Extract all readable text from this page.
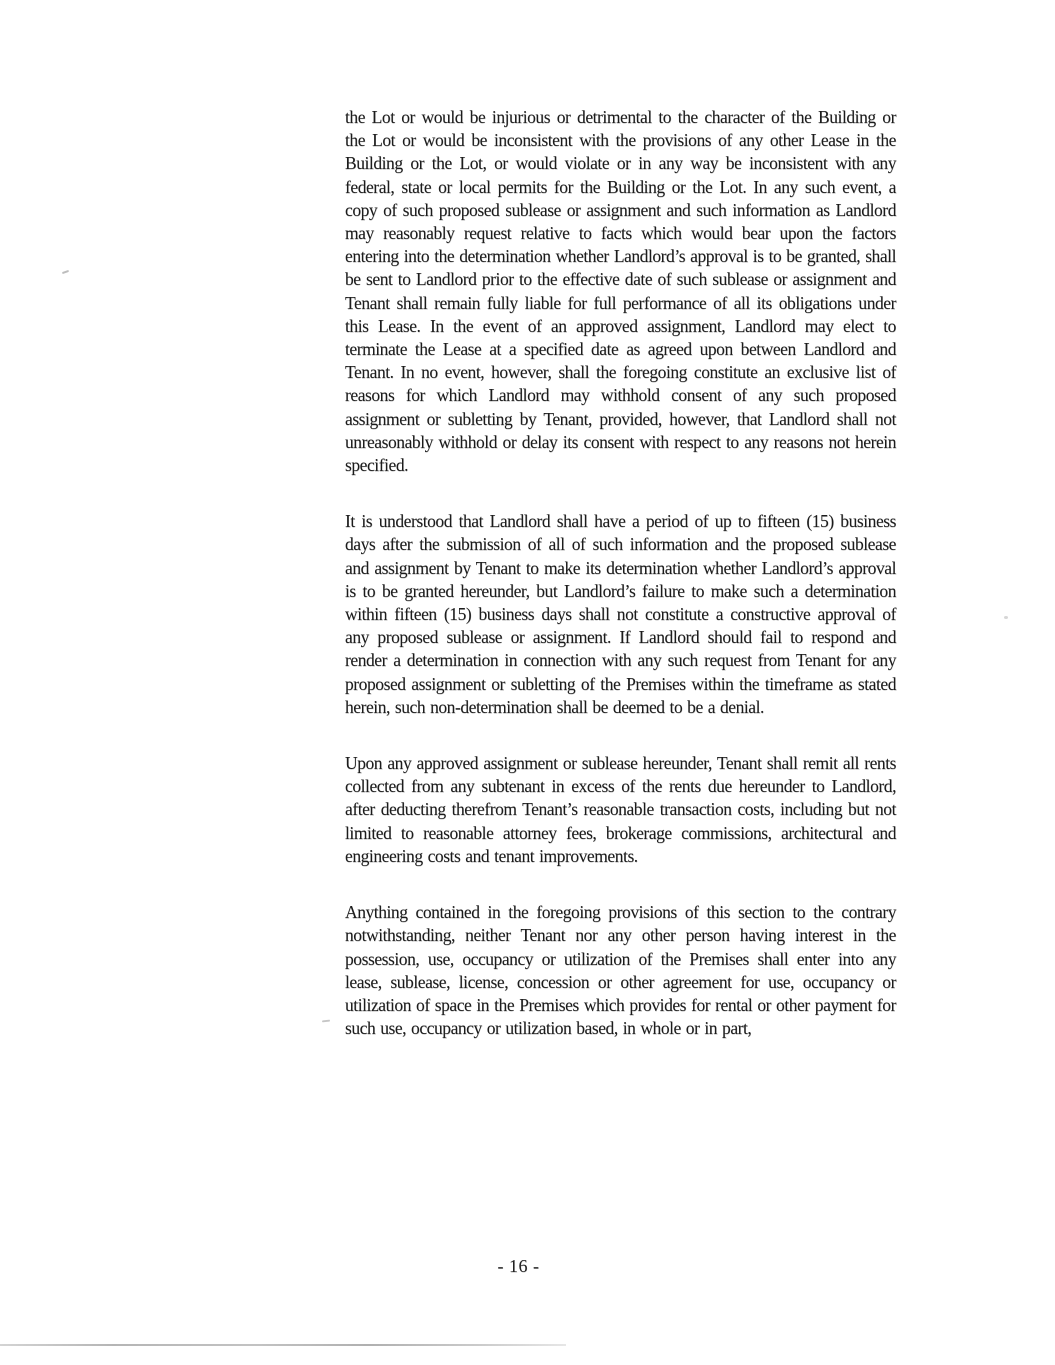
the Lot or would be injurious or detrimental to the character of the Building or the Lot or would be inconsistent with the provisions of any other Lease in the Building or the Lot, or would violate or in any way be inconsistent with any federal, state or local permits for the Building or the Lot. In any such event, a copy of such proposed sublease or assignment and such information as Landlord may reasonably request relative to facts which would bear upon the factors entering into the determination whether Landlord’s approval is to be granted, shall be sent to Landlord prior to the effective date of such sublease or assignment and Tenant shall remain fully liable for full performance of all its obligations under this Lease. In the event of an approved assignment, Landlord may elect to terminate the Lease at a specified date as agreed upon between Landlord and Tenant. In no event, however, shall the foregoing constitute an exclusive list of reasons for which Landlord may withhold consent of any such proposed assignment or subletting by Tenant, provided, however, that Landlord shall not unreasonably withhold or delay its consent with respect to any reasons not herein specified.

It is understood that Landlord shall have a period of up to fifteen (15) business days after the submission of all of such information and the proposed sublease and assignment by Tenant to make its determination whether Landlord’s approval is to be granted hereunder, but Landlord’s failure to make such a determination within fifteen (15) business days shall not constitute a constructive approval of any proposed sublease or assignment. If Landlord should fail to respond and render a determination in connection with any such request from Tenant for any proposed assignment or subletting of the Premises within the timeframe as stated herein, such non-determination shall be deemed to be a denial.

Upon any approved assignment or sublease hereunder, Tenant shall remit all rents collected from any subtenant in excess of the rents due hereunder to Landlord, after deducting therefrom Tenant’s reasonable transaction costs, including but not limited to reasonable attorney fees, brokerage commissions, architectural and engineering costs and tenant improvements.

Anything contained in the foregoing provisions of this section to the contrary notwithstanding, neither Tenant nor any other person having interest in the possession, use, occupancy or utilization of the Premises shall enter into any lease, sublease, license, concession or other agreement for use, occupancy or utilization of space in the Premises which provides for rental or other payment for such use, occupancy or utilization based, in whole or in part,

- 16 -
